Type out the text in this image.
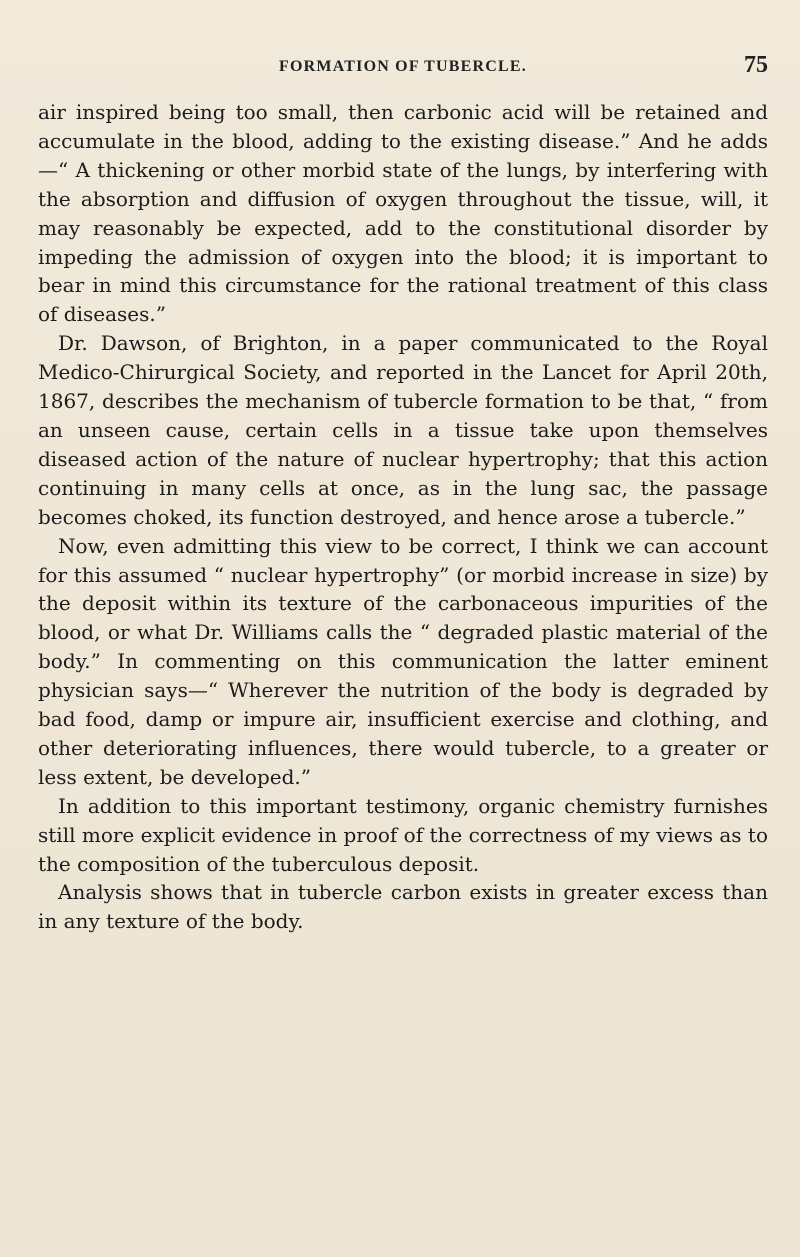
FORMATION OF TUBERCLE.	75

air inspired being too small, then carbonic acid will be retained and accumulate in the blood, adding to the existing disease.” And he adds—“ A thickening or other morbid state of the lungs, by interfering with the absorption and diffusion of oxygen throughout the tissue, will, it may reasonably be expected, add to the constitutional disorder by impeding the admission of oxygen into the blood; it is important to bear in mind this circumstance for the rational treatment of this class of diseases.”

Dr. Dawson, of Brighton, in a paper communicated to the Royal Medico-Chirurgical Society, and reported in the Lancet for April 20th, 1867, describes the mechanism of tubercle formation to be that, “ from an unseen cause, certain cells in a tissue take upon themselves diseased action of the nature of nuclear hypertrophy; that this action continuing in many cells at once, as in the lung sac, the passage becomes choked, its function destroyed, and hence arose a tubercle.”

Now, even admitting this view to be correct, I think we can account for this assumed “ nuclear hypertrophy” (or morbid increase in size) by the deposit within its texture of the carbonaceous impurities of the blood, or what Dr. Williams calls the “ degraded plastic material of the body.” In commenting on this communication the latter eminent physician says—“ Wherever the nutrition of the body is degraded by bad food, damp or impure air, insufficient exercise and clothing, and other deteriorating influences, there would tubercle, to a greater or less extent, be developed.”

In addition to this important testimony, organic chemistry furnishes still more explicit evidence in proof of the correctness of my views as to the composition of the tuberculous deposit.

Analysis shows that in tubercle carbon exists in greater excess than in any texture of the body.
